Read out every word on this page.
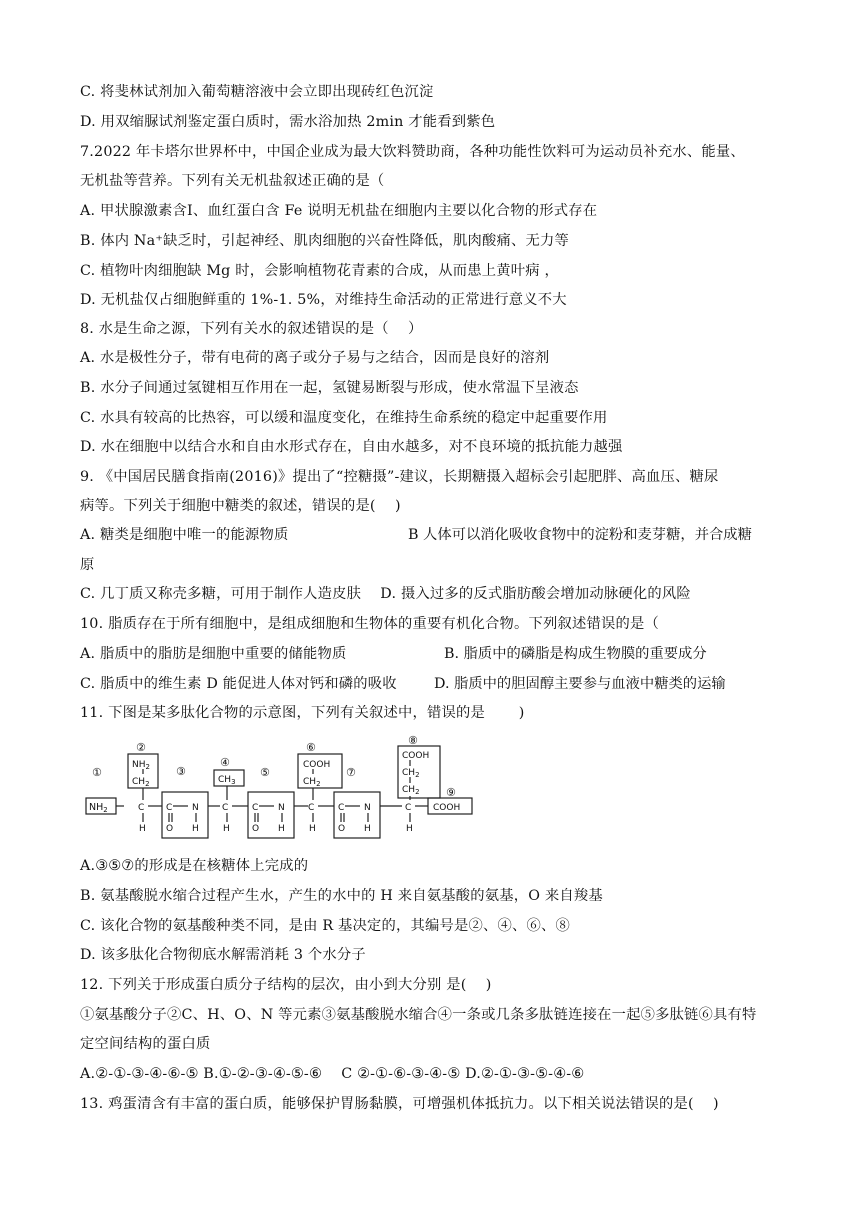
C. 将斐林试剂加入葡萄糖溶液中会立即出现砖红色沉淀
D. 用双缩脲试剂鉴定蛋白质时，需水浴加热 2min 才能看到紫色
7.2022 年卡塔尔世界杯中，中国企业成为最大饮料赞助商，各种功能性饮料可为运动员补充水、能量、
无机盐等营养。下列有关无机盐叙述正确的是（
A. 甲状腺激素含Ⅰ、血红蛋白含 Fe 说明无机盐在细胞内主要以化合物的形式存在
B. 体内 Na⁺缺乏时，引起神经、肌肉细胞的兴奋性降低，肌肉酸痛、无力等
C. 植物叶肉细胞缺 Mg 时，会影响植物花青素的合成，从而患上黄叶病 ，
D. 无机盐仅占细胞鲜重的 1%-1. 5%，对维持生命活动的正常进行意义不大
8. 水是生命之源，下列有关水的叙述错误的是（　 ）
A. 水是极性分子，带有电荷的离子或分子易与之结合，因而是良好的溶剂
B. 水分子间通过氢键相互作用在一起，氢键易断裂与形成，使水常温下呈液态
C. 水具有较高的比热容，可以缓和温度变化，在维持生命系统的稳定中起重要作用
D. 水在细胞中以结合水和自由水形式存在，自由水越多，对不良环境的抵抗能力越强
9. 《中国居民膳食指南(2016)》提出了“控糖摄”-建议，长期糖摄入超标会引起肥胖、高血压、糖尿
病等。下列关于细胞中糖类的叙述，错误的是(　 )
A. 糖类是细胞中唯一的能源物质	B 人体可以消化吸收食物中的淀粉和麦芽糖，并合成糖
原
C. 几丁质又称壳多糖，可用于制作人造皮肤　 D. 摄入过多的反式脂肪酸会增加动脉硬化的风险
10. 脂质存在于所有细胞中，是组成细胞和生物体的重要有机化合物。下列叙述错误的是（
A. 脂质中的脂肪是细胞中重要的储能物质	B. 脂质中的磷脂是构成生物膜的重要成分
C. 脂质中的维生素 D 能促进人体对钙和磷的吸收	D. 脂质中的胆固醇主要参与血液中糖类的运输
11. 下图是某多肽化合物的示意图，下列有关叙述中，错误的是　　 )
①
②
③
④
⑤
⑥
⑦
⑧
⑨
$NH_2$
$NH_2$
$CH_2$
C
H
C N
O H
$CH_3$
C
H
C N
O H
COOH
$CH_2$
C
H
C N
O H
COOH
$CH_2$
$CH_2$
C
H
COOH
A.③⑤⑦的形成是在核糖体上完成的
B. 氨基酸脱水缩合过程产生水，产生的水中的 H 来自氨基酸的氨基，O 来自羧基
C. 该化合物的氨基酸种类不同，是由 R 基决定的，其编号是②、④、⑥、⑧
D. 该多肽化合物彻底水解需消耗 3 个水分子
12. 下列关于形成蛋白质分子结构的层次，由小到大分别 是(　 )
①氨基酸分子②C、H、O、N 等元素③氨基酸脱水缩合④一条或几条多肽链连接在一起⑤多肽链⑥具有特
定空间结构的蛋白质
A.②-①-③-④-⑥-⑤ B.①-②-③-④-⑤-⑥　 C ②-①-⑥-③-④-⑤ D.②-①-③-⑤-④-⑥
13. 鸡蛋清含有丰富的蛋白质，能够保护胃肠黏膜，可增强机体抵抗力。以下相关说法错误的是(　 )
